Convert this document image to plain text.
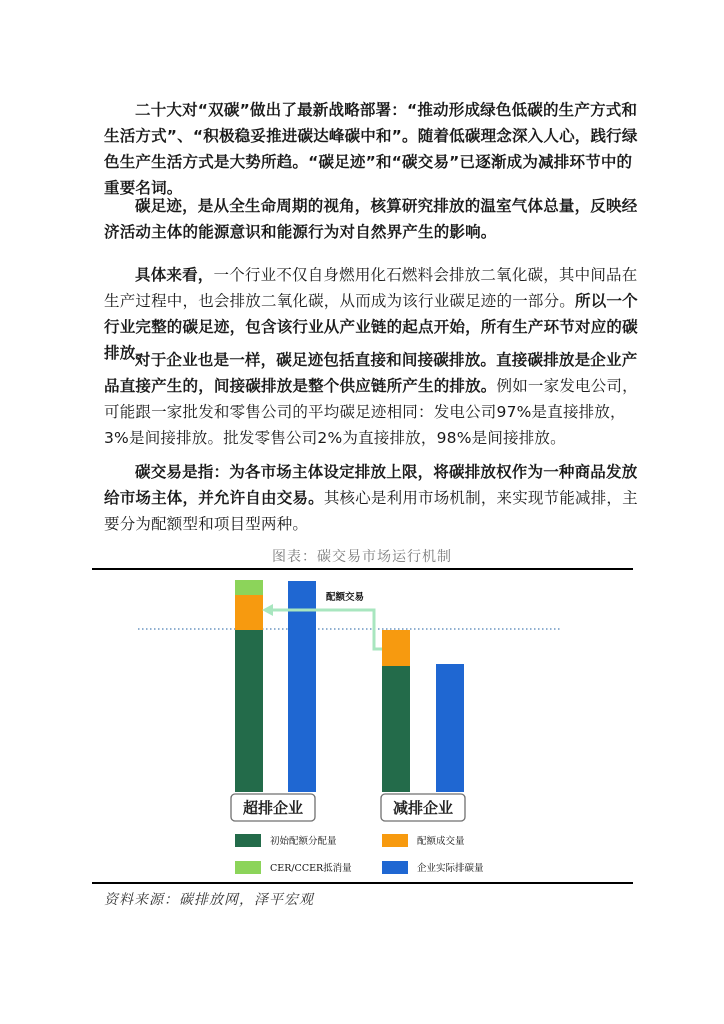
二十大对“双碳”做出了最新战略部署：“推动形成绿色低碳的生产方式和生活方式”、“积极稳妥推进碳达峰碳中和”。随着低碳理念深入人心，践行绿色生产生活方式是大势所趋。“碳足迹”和“碳交易”已逐渐成为减排环节中的重要名词。

碳足迹，是从全生命周期的视角，核算研究排放的温室气体总量，反映经济活动主体的能源意识和能源行为对自然界产生的影响。

具体来看，一个行业不仅自身燃用化石燃料会排放二氧化碳，其中间品在生产过程中，也会排放二氧化碳，从而成为该行业碳足迹的一部分。所以一个行业完整的碳足迹，包含该行业从产业链的起点开始，所有生产环节对应的碳排放。

对于企业也是一样，碳足迹包括直接和间接碳排放。直接碳排放是企业产品直接产生的，间接碳排放是整个供应链所产生的排放。例如一家发电公司，可能跟一家批发和零售公司的平均碳足迹相同：发电公司97%是直接排放，3%是间接排放。批发零售公司2%为直接排放，98%是间接排放。

碳交易是指：为各市场主体设定排放上限，将碳排放权作为一种商品发放给市场主体，并允许自由交易。其核心是利用市场机制，来实现节能减排，主要分为配额型和项目型两种。

图表：碳交易市场运行机制
配额交易
超排企业	减排企业
初始配额分配量	配额成交量
CER/CCER抵消量	企业实际排碳量
资料来源：碳排放网，泽平宏观
